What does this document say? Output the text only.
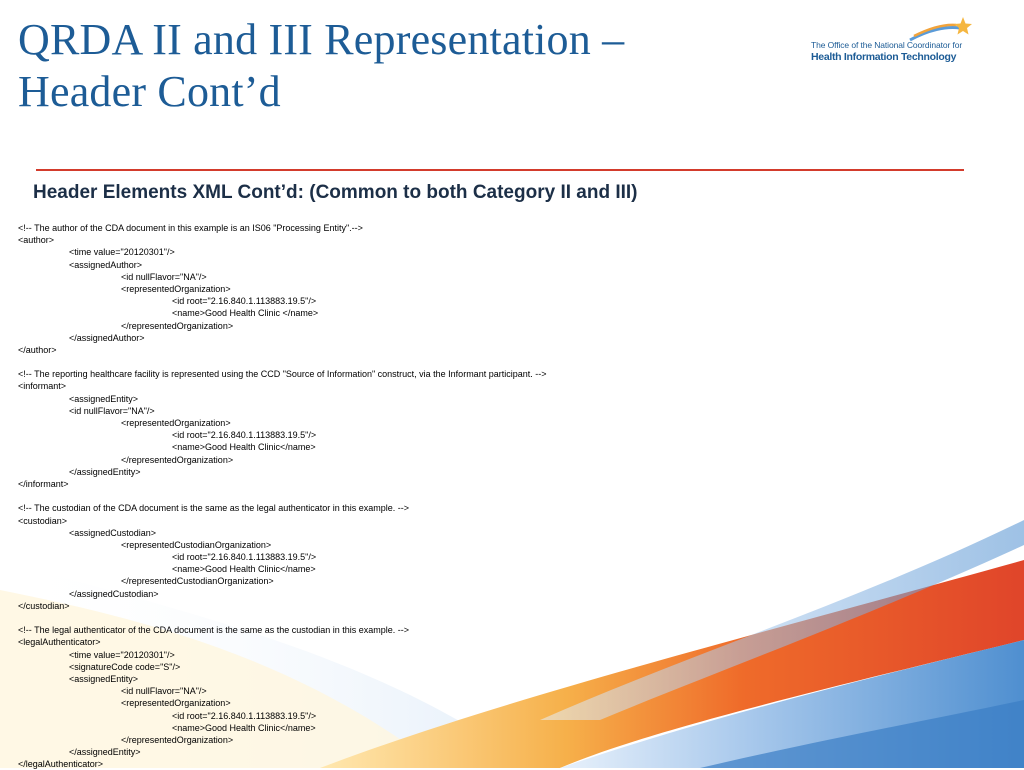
QRDA II and III Representation –
Header Cont’d
The Office of the National Coordinator for
Health Information Technology
Header Elements XML Cont’d: (Common to both Category II and III)
<!-- The author of the CDA document in this example is an IS06 "Processing Entity".-->
<author>
<time value="20120301"/>
<assignedAuthor>
<id nullFlavor="NA"/>
<representedOrganization>
<id root="2.16.840.1.113883.19.5"/>
<name>Good Health Clinic </name>
</representedOrganization>
</assignedAuthor>
</author>
<!-- The reporting healthcare facility is represented using the CCD "Source of Information" construct, via the Informant participant. -->
<informant>
<assignedEntity>
<id nullFlavor="NA"/>
<representedOrganization>
<id root="2.16.840.1.113883.19.5"/>
<name>Good Health Clinic</name>
</representedOrganization>
</assignedEntity>
</informant>
<!-- The custodian of the CDA document is the same as the legal authenticator in this example. -->
<custodian>
<assignedCustodian>
<representedCustodianOrganization>
<id root="2.16.840.1.113883.19.5"/>
<name>Good Health Clinic</name>
</representedCustodianOrganization>
</assignedCustodian>
</custodian>
<!-- The legal authenticator of the CDA document is the same as the custodian in this example. -->
<legalAuthenticator>
<time value="20120301"/>
<signatureCode code="S"/>
<assignedEntity>
<id nullFlavor="NA"/>
<representedOrganization>
<id root="2.16.840.1.113883.19.5"/>
<name>Good Health Clinic</name>
</representedOrganization>
</assignedEntity>
</legalAuthenticator>
